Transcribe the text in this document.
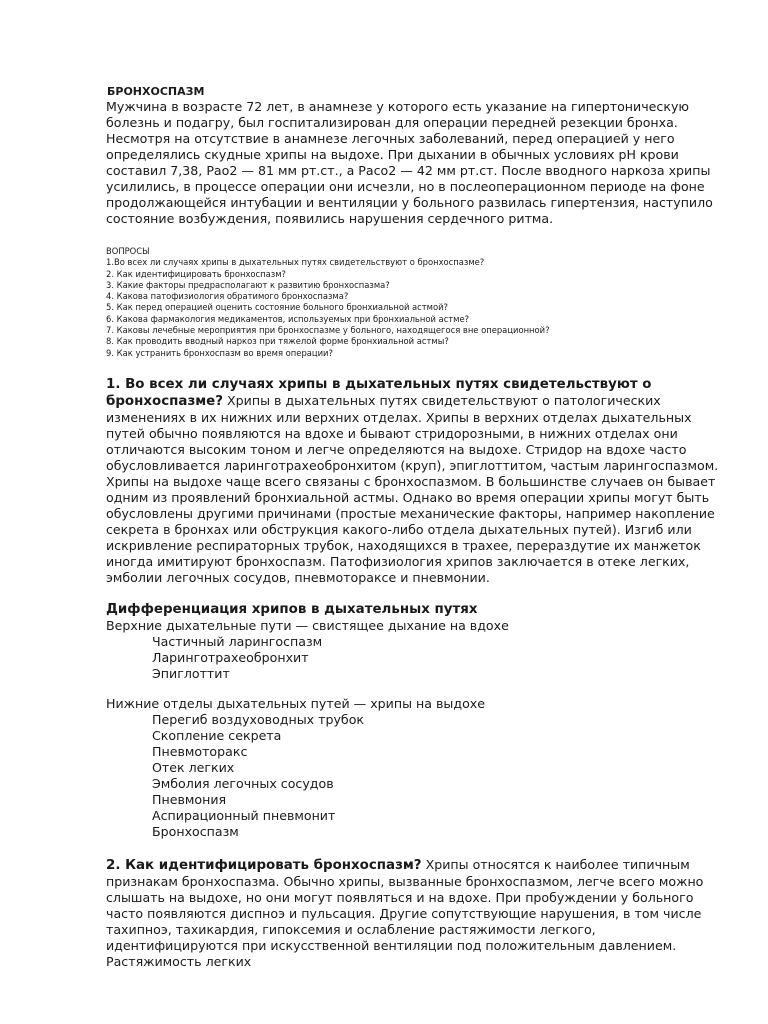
БРОНХОСПАЗМ

Мужчина в возрасте 72 лет, в анамнезе у которого есть указание на гипертоническую болезнь и подагру, был госпитализирован для операции передней резекции бронха. Несмотря на отсутствие в анамнезе легочных заболеваний, перед операцией у него определялись скудные хрипы на выдохе. При дыхании в обычных условиях рН крови составил 7,38, Рао2 — 81 мм рт.ст., а Расо2 — 42 мм рт.ст. После вводного наркоза хрипы усилились, в процессе операции они исчезли, но в послеоперационном периоде на фоне продолжающейся интубации и вентиляции у больного развилась гипертензия, наступило состояние возбуждения, появились нарушения сердечного ритма.

ВОПРОСЫ
1.Во всех ли случаях хрипы в дыхательных путях свидетельствуют о бронхоспазме?
2. Как идентифицировать бронхоспазм?
3. Какие факторы предрасполагают к развитию бронхоспазма?
4. Какова патофизиология обратимого бронхоспазма?
5. Как перед операцией оценить состояние больного бронхиальной астмой?
6. Какова фармакология медикаментов, используемых при бронхиальной астме?
7. Каковы лечебные мероприятия при бронхоспазме у больного, находящегося вне операционной?
8. Как проводить вводный наркоз при тяжелой форме бронхиальной астмы?
9. Как устранить бронхоспазм во время операции?

1. Во всех ли случаях хрипы в дыхательных путях свидетельствуют о бронхоспазме? Хрипы в дыхательных путях свидетельствуют о патологических изменениях в их нижних или верхних отделах. Хрипы в верхних отделах дыхательных путей обычно появляются на вдохе и бывают стридорозными, в нижних отделах они отличаются высоким тоном и легче определяются на выдохе. Стридор на вдохе часто обусловливается ларинготрахеобронхитом (круп), эпиглоттитом, частым ларингоспазмом. Хрипы на выдохе чаще всего связаны с бронхоспазмом. В большинстве случаев он бывает одним из проявлений бронхиальной астмы. Однако во время операции хрипы могут быть обусловлены другими причинами (простые механические факторы, например накопление секрета в бронхах или обструкция какого-либо отдела дыхательных путей). Изгиб или искривление респираторных трубок, находящихся в трахее, перераздутие их манжеток иногда имитируют бронхоспазм. Патофизиология хрипов заключается в отеке легких, эмболии легочных сосудов, пневмотораксе и пневмонии.

Дифференциация хрипов в дыхательных путях
Верхние дыхательные пути — свистящее дыхание на вдохе
Частичный ларингоспазм
Ларинготрахеобронхит
Эпиглоттит
Нижние отделы дыхательных путей — хрипы на выдохе
Перегиб воздуховодных трубок
Скопление секрета
Пневмоторакс
Отек легких
Эмболия легочных сосудов
Пневмония
Аспирационный пневмонит
Бронхоспазм

2. Как идентифицировать бронхоспазм? Хрипы относятся к наиболее типичным признакам бронхоспазма. Обычно хрипы, вызванные бронхоспазмом, легче всего можно слышать на выдохе, но они могут появляться и на вдохе. При пробуждении у больного часто появляются диспноэ и пульсация. Другие сопутствующие нарушения, в том числе тахипноэ, тахикардия, гипоксемия и ослабление растяжимости легкого, идентифицируются при искусственной вентиляции под положительным давлением. Растяжимость легких
